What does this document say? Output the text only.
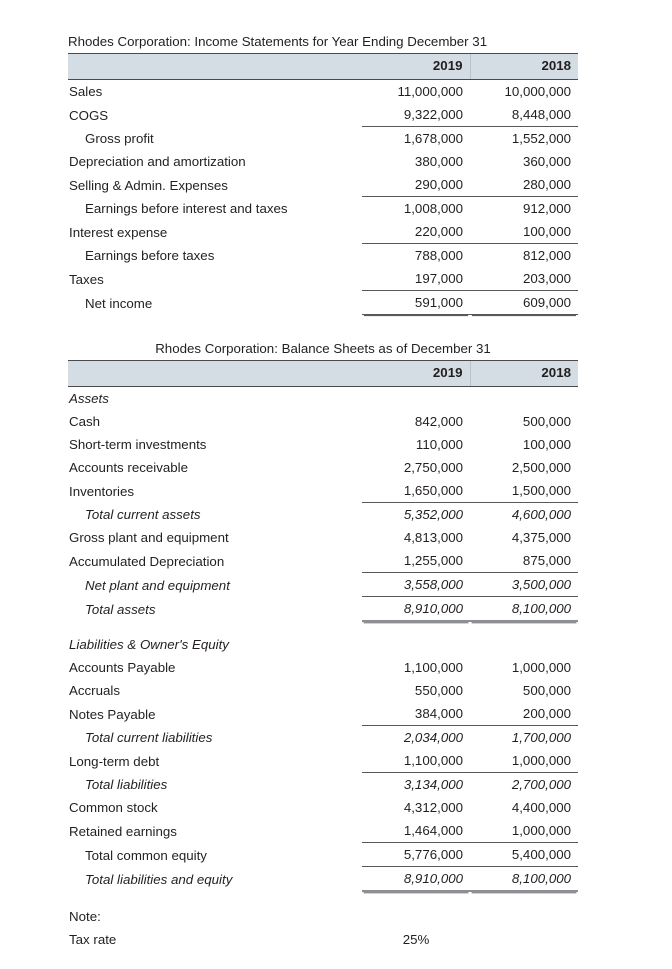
Rhodes Corporation: Income Statements for Year Ending December 31		
	2019	2018
Sales	11,000,000	10,000,000
COGS	9,322,000	8,448,000
Gross profit	1,678,000	1,552,000
Depreciation and amortization	380,000	360,000
Selling & Admin. Expenses	290,000	280,000
Earnings before interest and taxes	1,008,000	912,000
Interest expense	220,000	100,000
Earnings before taxes	788,000	812,000
Taxes	197,000	203,000
Net income	591,000	609,000
Rhodes Corporation: Balance Sheets as of December 31		
	2019	2018
Assets		
Cash	842,000	500,000
Short-term investments	110,000	100,000
Accounts receivable	2,750,000	2,500,000
Inventories	1,650,000	1,500,000
Total current assets	5,352,000	4,600,000
Gross plant and equipment	4,813,000	4,375,000
Accumulated Depreciation	1,255,000	875,000
Net plant and equipment	3,558,000	3,500,000
Total assets	8,910,000	8,100,000

Liabilities & Owner's Equity		
Accounts Payable	1,100,000	1,000,000
Accruals	550,000	500,000
Notes Payable	384,000	200,000
Total current liabilities	2,034,000	1,700,000
Long-term debt	1,100,000	1,000,000
Total liabilities	3,134,000	2,700,000
Common stock	4,312,000	4,400,000
Retained earnings	1,464,000	1,000,000
Total common equity	5,776,000	5,400,000
Total liabilities and equity	8,910,000	8,100,000
Note:		
Tax rate	25%	
